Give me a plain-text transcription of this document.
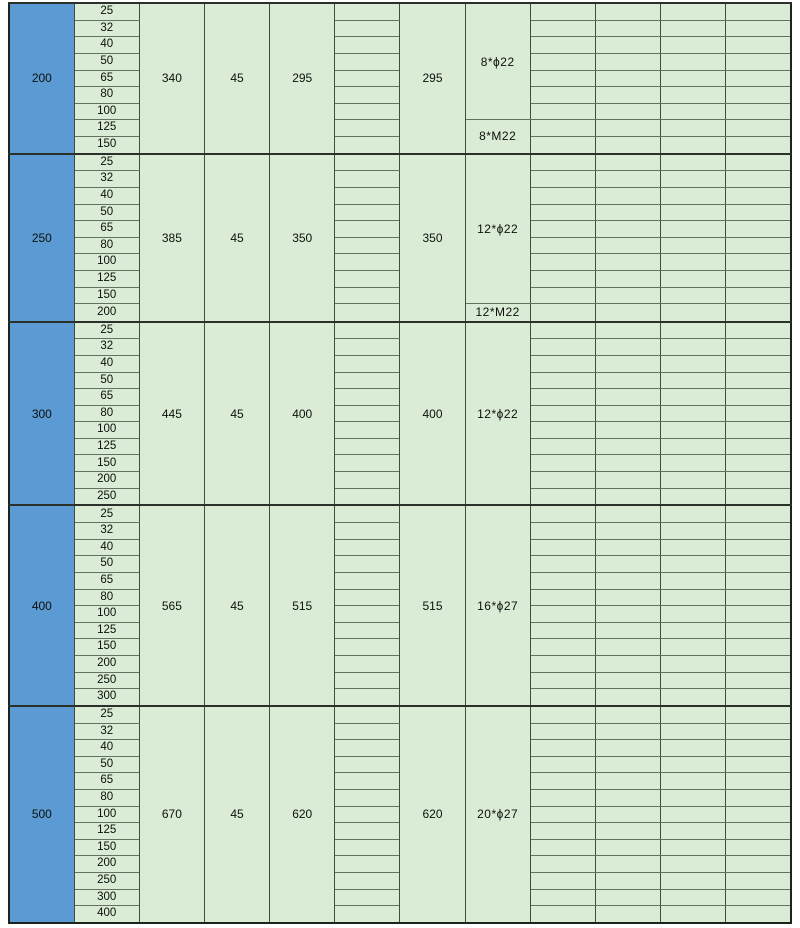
200	25	340	45	295		295	8*ϕ22				
	32										
	40										
	50										
	65										
	80										
	100										
	125						8*M22				
	150										
250	25	385	45	350		350	12*ϕ22				
	32										
	40										
	50										
	65										
	80										
	100										
	125										
	150										
	200						12*M22				
300	25	445	45	400		400	12*ϕ22				
	32										
	40										
	50										
	65										
	80										
	100										
	125										
	150										
	200										
	250										
400	25	565	45	515		515	16*ϕ27				
	32										
	40										
	50										
	65										
	80										
	100										
	125										
	150										
	200										
	250										
	300										
500	25	670	45	620		620	20*ϕ27				
	32										
	40										
	50										
	65										
	80										
	100										
	125										
	150										
	200										
	250										
	300										
	400										
